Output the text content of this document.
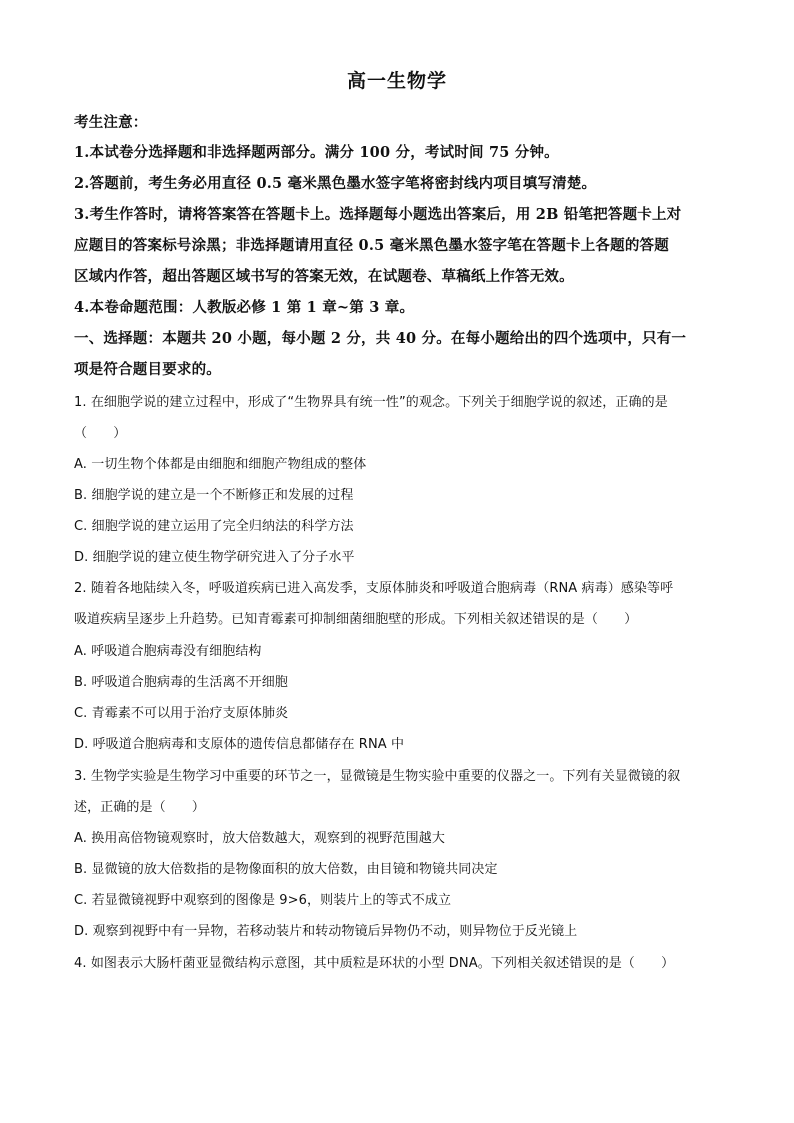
高一生物学
考生注意：
1.本试卷分选择题和非选择题两部分。满分 100 分，考试时间 75 分钟。
2.答题前，考生务必用直径 0.5 毫米黑色墨水签字笔将密封线内项目填写清楚。
3.考生作答时，请将答案答在答题卡上。选择题每小题选出答案后，用 2B 铅笔把答题卡上对
应题目的答案标号涂黑；非选择题请用直径 0.5 毫米黑色墨水签字笔在答题卡上各题的答题
区域内作答，超出答题区域书写的答案无效，在试题卷、草稿纸上作答无效。
4.本卷命题范围：人教版必修 1 第 1 章~第 3 章。
一、选择题：本题共 20 小题，每小题 2 分，共 40 分。在每小题给出的四个选项中，只有一
项是符合题目要求的。
1. 在细胞学说的建立过程中，形成了“生物界具有统一性”的观念。下列关于细胞学说的叙述，正确的是
（　　）
A. 一切生物个体都是由细胞和细胞产物组成的整体
B. 细胞学说的建立是一个不断修正和发展的过程
C. 细胞学说的建立运用了完全归纳法的科学方法
D. 细胞学说的建立使生物学研究进入了分子水平
2. 随着各地陆续入冬，呼吸道疾病已进入高发季，支原体肺炎和呼吸道合胞病毒（RNA 病毒）感染等呼
吸道疾病呈逐步上升趋势。已知青霉素可抑制细菌细胞壁的形成。下列相关叙述错误的是（　　）
A. 呼吸道合胞病毒没有细胞结构
B. 呼吸道合胞病毒的生活离不开细胞
C. 青霉素不可以用于治疗支原体肺炎
D. 呼吸道合胞病毒和支原体的遗传信息都储存在 RNA 中
3. 生物学实验是生物学习中重要的环节之一，显微镜是生物实验中重要的仪器之一。下列有关显微镜的叙
述，正确的是（　　）
A. 换用高倍物镜观察时，放大倍数越大，观察到的视野范围越大
B. 显微镜的放大倍数指的是物像面积的放大倍数，由目镜和物镜共同决定
C. 若显微镜视野中观察到的图像是 9>6，则装片上的等式不成立
D. 观察到视野中有一异物，若移动装片和转动物镜后异物仍不动，则异物位于反光镜上
4. 如图表示大肠杆菌亚显微结构示意图，其中质粒是环状的小型 DNA。下列相关叙述错误的是（　　）
